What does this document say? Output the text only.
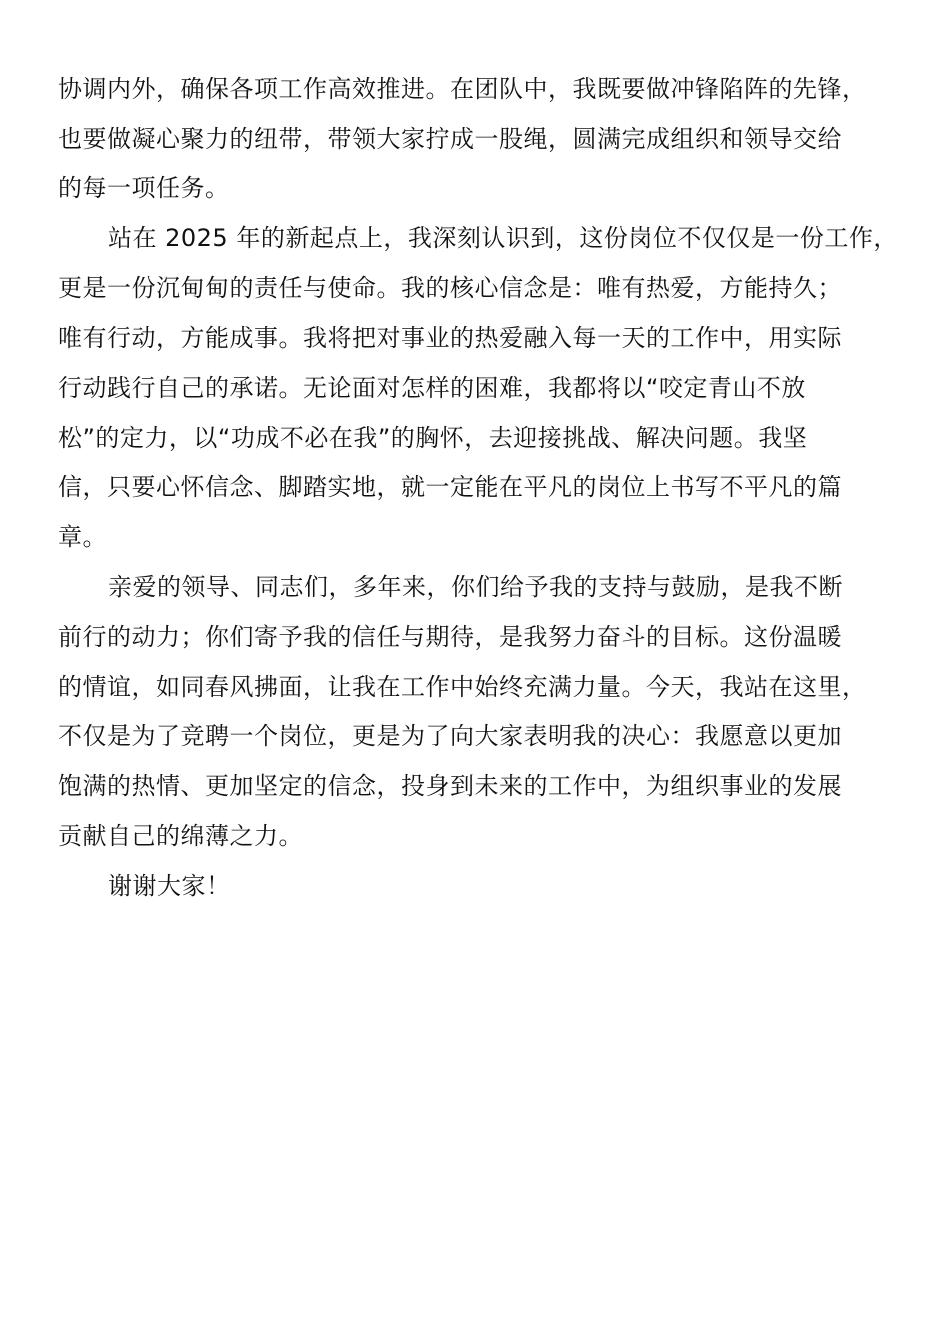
协调内外，确保各项工作高效推进。在团队中，我既要做冲锋陷阵的先锋，
也要做凝心聚力的纽带，带领大家拧成一股绳，圆满完成组织和领导交给
的每一项任务。
站在 2025 年的新起点上，我深刻认识到，这份岗位不仅仅是一份工作，
更是一份沉甸甸的责任与使命。我的核心信念是：唯有热爱，方能持久；
唯有行动，方能成事。我将把对事业的热爱融入每一天的工作中，用实际
行动践行自己的承诺。无论面对怎样的困难，我都将以“咬定青山不放
松”的定力，以“功成不必在我”的胸怀，去迎接挑战、解决问题。我坚
信，只要心怀信念、脚踏实地，就一定能在平凡的岗位上书写不平凡的篇
章。
亲爱的领导、同志们，多年来，你们给予我的支持与鼓励，是我不断
前行的动力；你们寄予我的信任与期待，是我努力奋斗的目标。这份温暖
的情谊，如同春风拂面，让我在工作中始终充满力量。今天，我站在这里，
不仅是为了竞聘一个岗位，更是为了向大家表明我的决心：我愿意以更加
饱满的热情、更加坚定的信念，投身到未来的工作中，为组织事业的发展
贡献自己的绵薄之力。
谢谢大家！
